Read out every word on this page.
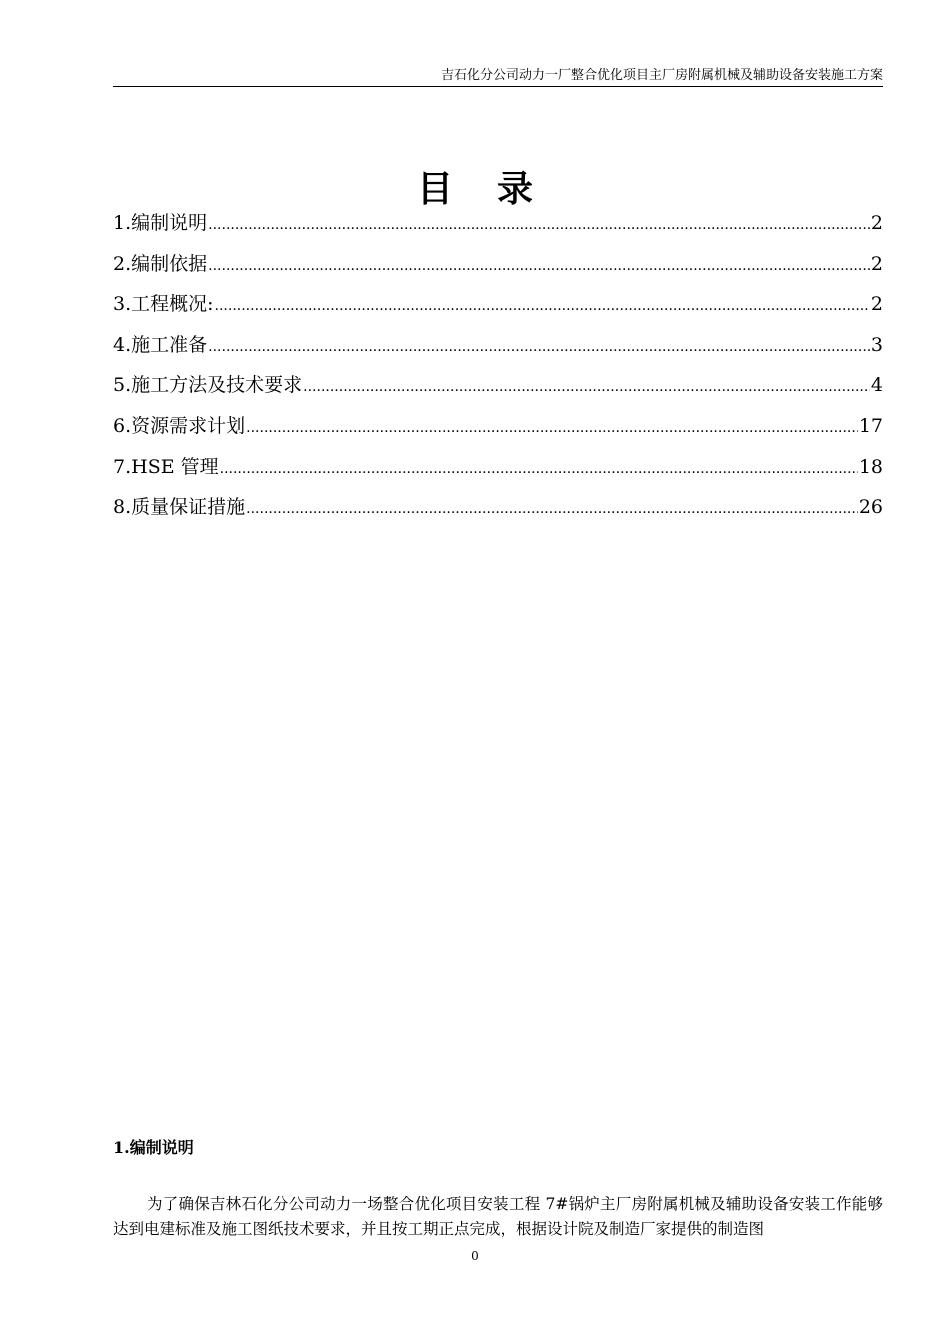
吉石化分公司动力一厂整合优化项目主厂房附属机械及辅助设备安装施工方案
目 录
1.编制说明 .....	2
2.编制依据 .....	2
3.工程概况: .....	2
4.施工准备 .....	3
5.施工方法及技术要求 .....	4
6.资源需求计划 .....	17
7.HSE 管理 .....	18
8.质量保证措施 .....	26
1.编制说明

为了确保吉林石化分公司动力一场整合优化项目安装工程 7#锅炉主厂房附属机械及辅助设备安装工作能够达到电建标准及施工图纸技术要求，并且按工期正点完成，根据设计院及制造厂家提供的制造图

0
